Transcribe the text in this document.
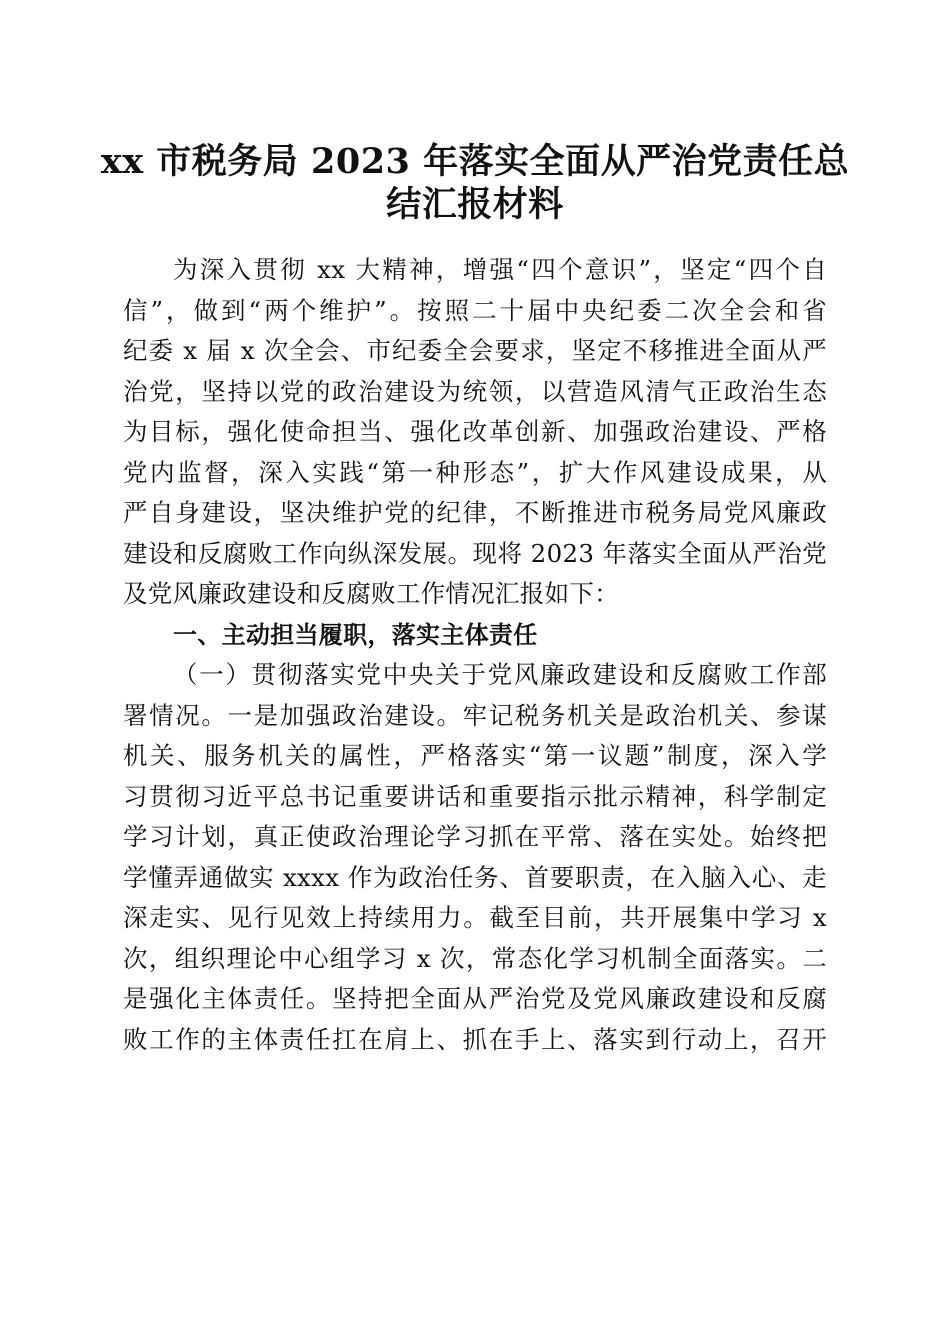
xx 市税务局 2023 年落实全面从严治党责任总
结汇报材料
为深入贯彻 xx 大精神，增强“四个意识”，坚定“四个自
信”，做到“两个维护”。按照二十届中央纪委二次全会和省
纪委 x 届 x 次全会、市纪委全会要求，坚定不移推进全面从严
治党，坚持以党的政治建设为统领，以营造风清气正政治生态
为目标，强化使命担当、强化改革创新、加强政治建设、严格
党内监督，深入实践“第一种形态”，扩大作风建设成果，从
严自身建设，坚决维护党的纪律，不断推进市税务局党风廉政
建设和反腐败工作向纵深发展。现将 2023 年落实全面从严治党
及党风廉政建设和反腐败工作情况汇报如下：
一、主动担当履职，落实主体责任
（一）贯彻落实党中央关于党风廉政建设和反腐败工作部
署情况。一是加强政治建设。牢记税务机关是政治机关、参谋
机关、服务机关的属性，严格落实“第一议题”制度，深入学
习贯彻习近平总书记重要讲话和重要指示批示精神，科学制定
学习计划，真正使政治理论学习抓在平常、落在实处。始终把
学懂弄通做实 xxxx 作为政治任务、首要职责，在入脑入心、走
深走实、见行见效上持续用力。截至目前，共开展集中学习 x
次，组织理论中心组学习 x 次，常态化学习机制全面落实。二
是强化主体责任。坚持把全面从严治党及党风廉政建设和反腐
败工作的主体责任扛在肩上、抓在手上、落实到行动上，召开
